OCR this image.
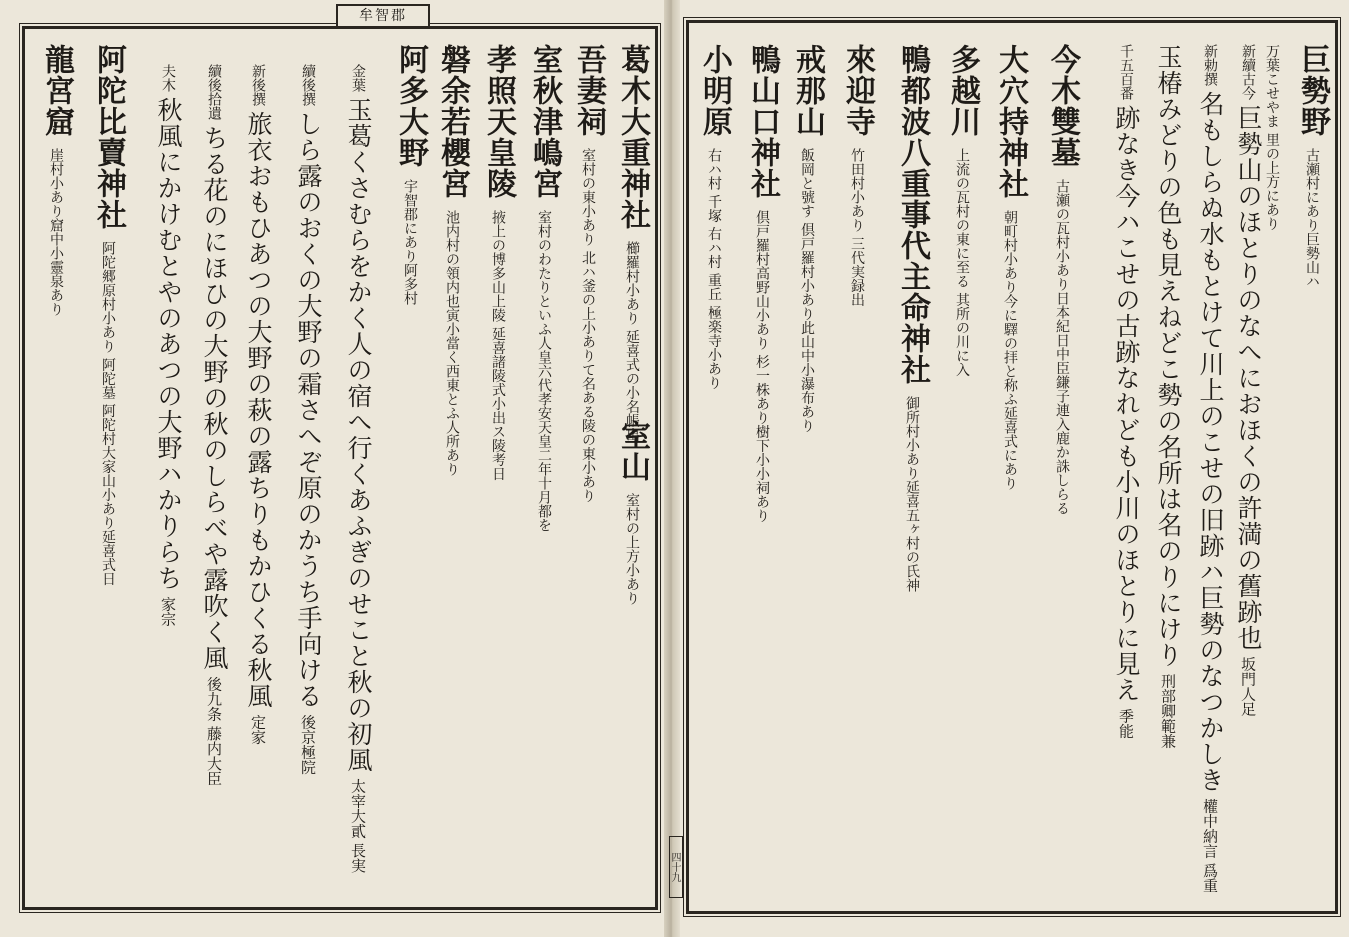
牟智郡
四十九
巨勢野 古瀬村にあり巨勢山ハ
万葉こせやま 里の上方にあり
新續古今 巨勢山のほとりのなへにおほくの許満の舊跡也 坂門人足
新勅撰 名もしらぬ水もとけて川上のこせの旧跡ハ巨勢のなつかしき 權中納言 爲重
玉椿みどりの色も見えねどこ勢の名所は名のりにけり 刑部卿範兼
千五百番 跡なき今ハこせの古跡なれども小川のほとりに見え 季能
今木雙墓 古瀬の瓦村小あり日本紀日中臣鎌子連入鹿か誅しらる
大穴持神社 朝町村小あり今に驛の拝と称ふ延喜式にあり
多越川 上流の瓦村の東に至る 其所の川に入
鴨都波八重事代主命神社 御所村小あり延喜五ヶ村の氏神
來迎寺 竹田村小あり 三代実録出
戒那山 飯岡と號す 倶戸羅村小あり此山中小瀑布あり
鴨山口神社 倶戸羅村高野山小あり 杉一株あり樹下小小祠あり
小明原 右ハ村 千塚 右ハ村 重丘 極楽寺小あり
葛木大重神社 櫛羅村小あり 延喜式の小名帳出
室山 室村の上方小あり
吾妻祠 室村の東小あり 北ハ釜の上小ありて名ある陵の東小あり
室秋津嶋宮 室村のわたりといふ人皇六代孝安天皇二年十月都を
孝照天皇陵 掖上の博多山上陵 延喜諸陵式小出ス陵考日
磐余若櫻宮 池内村の領内也寅小當く西東とふ人所あり
阿多大野 宇智郡にあり阿多村
金葉 玉葛くさむらをかく人の宿へ行くあふぎのせこと秋の初風 太宰大貳 長実
續後撰 しら露のおくの大野の霜さへぞ原のかうち手向ける 後京極院
新後撰 旅衣おもひあつの大野の萩の露ちりもかひくる秋風 定家
續後拾遺 ちる花のにほひの大野の秋のしらべや露吹く風 後九条 藤内大臣
夫木 秋風にかけむとやのあつの大野ハかりらち 家宗
阿陀比賣神社 阿陀郷原村小あり 阿陀墓 阿陀村大家山小あり延喜式日
龍宮窟 崖村小あり窟中小靈泉あり
